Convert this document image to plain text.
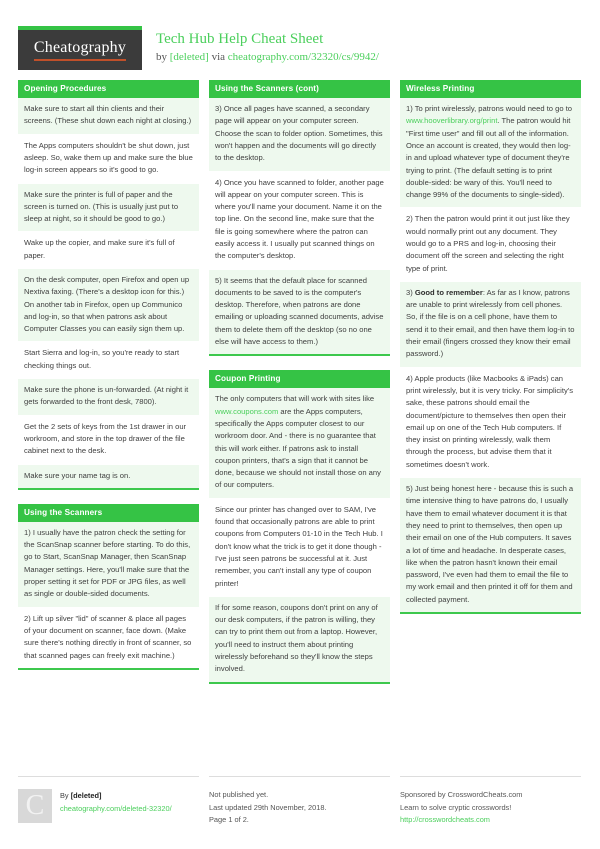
Cheatography
Tech Hub Help Cheat Sheet
by [deleted] via cheatography.com/32320/cs/9942/
Opening Procedures
Make sure to start all thin clients and their screens. (These shut down each night at closing.)
The Apps computers shouldn't be shut down, just asleep. So, wake them up and make sure the blue log-in screen appears so it's good to go.
Make sure the printer is full of paper and the screen is turned on. (This is usually just put to sleep at night, so it should be good to go.)
Wake up the copier, and make sure it's full of paper.
On the desk computer, open Firefox and open up Nextiva faxing. (There's a desktop icon for this.) On another tab in Firefox, open up Communico and log-in, so that when patrons ask about Computer Classes you can easily sign them up.
Start Sierra and log-in, so you're ready to start checking things out.
Make sure the phone is un-forwarded. (At night it gets forwarded to the front desk, 7800).
Get the 2 sets of keys from the 1st drawer in our workroom, and store in the top drawer of the file cabinet next to the desk.
Make sure your name tag is on.
Using the Scanners
1) I usually have the patron check the setting for the ScanSnap scanner before starting. To do this, go to Start, ScanSnap Manager, then ScanSnap Manager settings. Here, you'll make sure that the proper setting it set for PDF or JPG files, as well as single or double-sided documents.
2) Lift up silver "lid" of scanner & place all pages of your document on scanner, face down. (Make sure there's nothing directly in front of scanner, so that scanned pages can freely exit machine.)
Using the Scanners (cont)
3) Once all pages have scanned, a secondary page will appear on your computer screen. Choose the scan to folder option. Sometimes, this won't happen and the documents will go directly to the desktop.
4) Once you have scanned to folder, another page will appear on your computer screen. This is where you'll name your document. Name it on the top line. On the second line, make sure that the file is going somewhere where the patron can easily access it. I usually put scanned things on the computer's desktop.
5) It seems that the default place for scanned documents to be saved to is the computer's desktop. Therefore, when patrons are done emailing or uploading scanned documents, advise them to delete them off the desktop (so no one else will have access to them.)
Coupon Printing
The only computers that will work with sites like www.coupons.com are the Apps computers, specifically the Apps computer closest to our workroom door. And - there is no guarantee that this will work either. If patrons ask to install coupon printers, that's a sign that it cannot be done, because we should not install those on any of our computers.
Since our printer has changed over to SAM, I've found that occasionally patrons are able to print coupons from Computers 01-10 in the Tech Hub. I don't know what the trick is to get it done though - I've just seen patrons be successful at it. Just remember, you can't install any type of coupon printer!
If for some reason, coupons don't print on any of our desk computers, if the patron is willing, they can try to print them out from a laptop. However, you'll need to instruct them about printing wirelessly beforehand so they'll know the steps involved.
Wireless Printing
1) To print wirelessly, patrons would need to go to www.hooverlibrary.org/print. The patron would hit "First time user" and fill out all of the information. Once an account is created, they would then log-in and upload whatever type of document they're trying to print. (The default setting is to print double-sided: be wary of this. You'll need to change 99% of the documents to single-sided).
2) Then the patron would print it out just like they would normally print out any document. They would go to a PRS and log-in, choosing their document off the screen and selecting the right type of print.
3) Good to remember: As far as I know, patrons are unable to print wirelessly from cell phones. So, if the file is on a cell phone, have them to send it to their email, and then have them log-in to their email (fingers crossed they know their email password.)
4) Apple products (like Macbooks & iPads) can print wirelessly, but it is very tricky. For simplicity's sake, these patrons should email the document/picture to themselves then open their email up on one of the Tech Hub computers. If they insist on printing wirelessly, walk them through the process, but advise them that it sometimes doesn't work.
5) Just being honest here - because this is such a time intensive thing to have patrons do, I usually have them to email whatever document it is that they need to print to themselves, then open up their email on one of the Hub computers. It saves a lot of time and headache. In desperate cases, like when the patron hasn't known their email password, I've even had them to email the file to my work email and then printed it off for them and collected payment.
C	By [deleted]
cheatography.com/deleted-32320/
Not published yet.
Last updated 29th November, 2018.
Page 1 of 2.
Sponsored by CrosswordCheats.com
Learn to solve cryptic crosswords!
http://crosswordcheats.com
